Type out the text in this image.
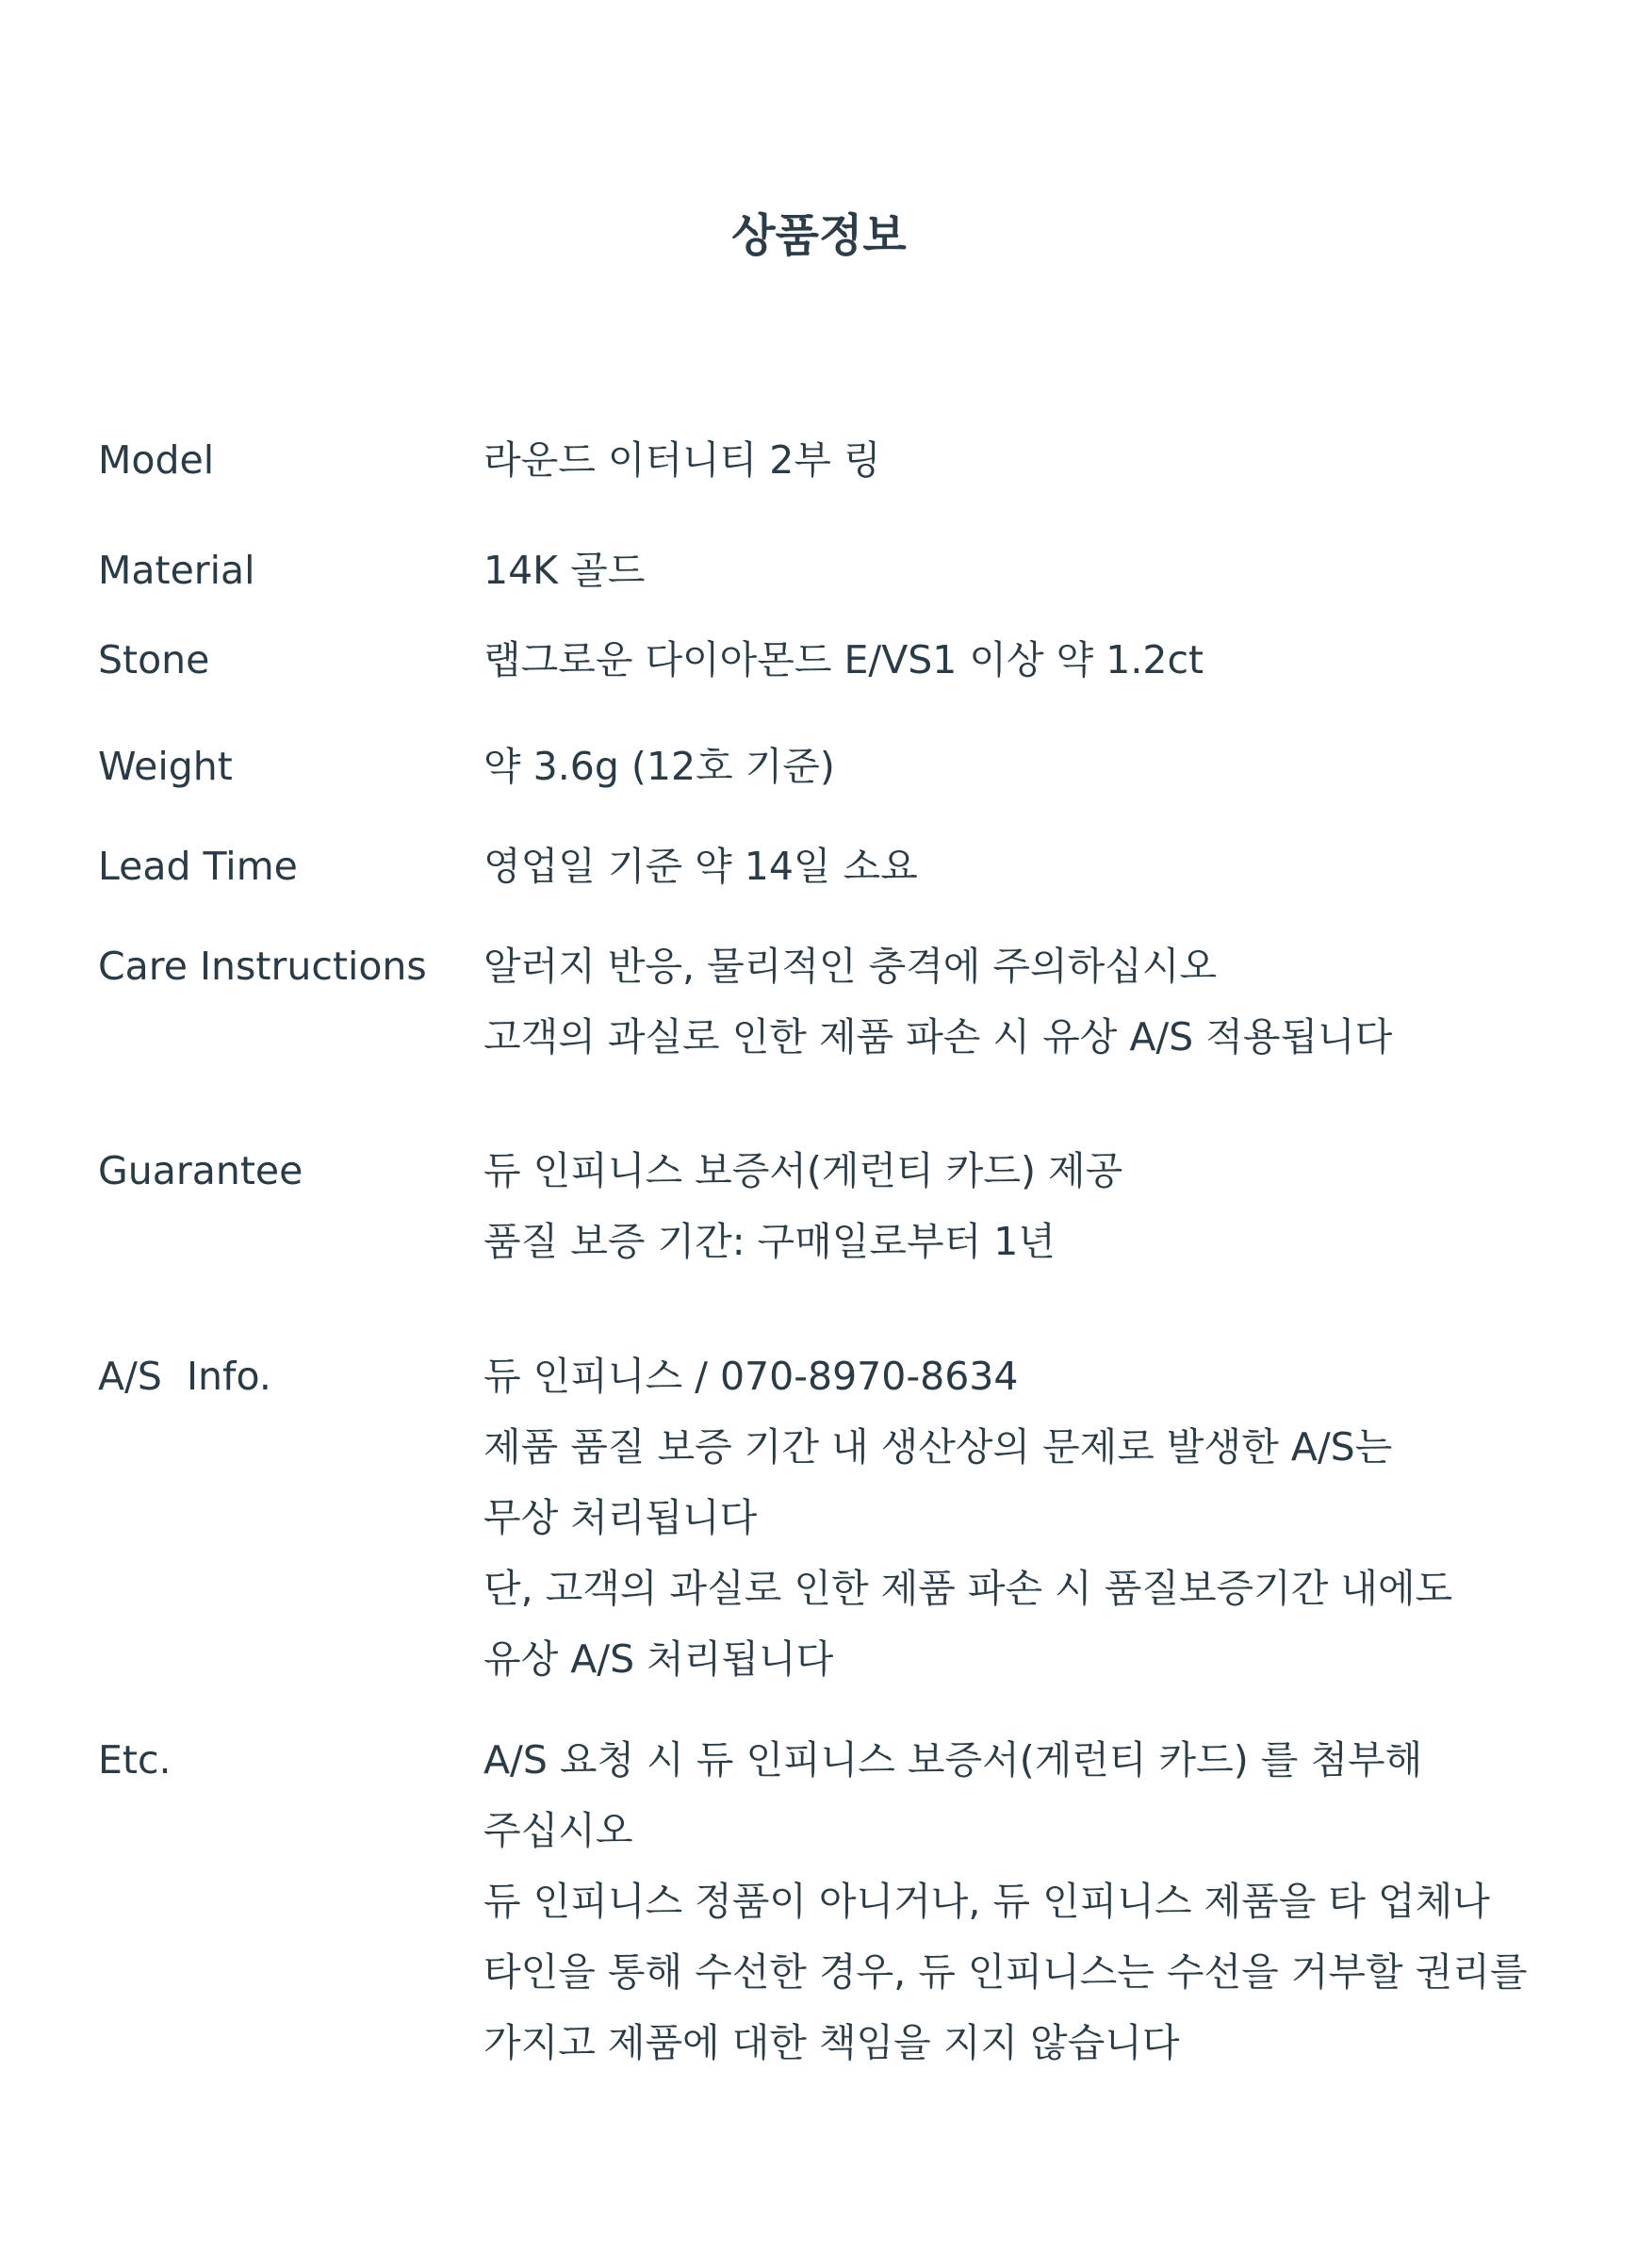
상품정보
Model	라운드 이터니티 2부 링
Material	14K 골드
Stone	랩그로운 다이아몬드 E/VS1 이상 약 1.2ct
Weight	약 3.6g (12호 기준)
Lead Time	영업일 기준 약 14일 소요
Care Instructions 알러지 반응, 물리적인 충격에 주의하십시오
고객의 과실로 인한 제품 파손 시 유상 A/S 적용됩니다
Guarantee	듀 인피니스 보증서(게런티 카드) 제공
품질 보증 기간: 구매일로부터 1년
A/S  Info.	듀 인피니스 / 070-8970-8634
제품 품질 보증 기간 내 생산상의 문제로 발생한 A/S는
무상 처리됩니다
단, 고객의 과실로 인한 제품 파손 시 품질보증기간 내에도
유상 A/S 처리됩니다
Etc.	A/S 요청 시 듀 인피니스 보증서(게런티 카드) 를 첨부해
주십시오
듀 인피니스 정품이 아니거나, 듀 인피니스 제품을 타 업체나
타인을 통해 수선한 경우, 듀 인피니스는 수선을 거부할 권리를
가지고 제품에 대한 책임을 지지 않습니다
